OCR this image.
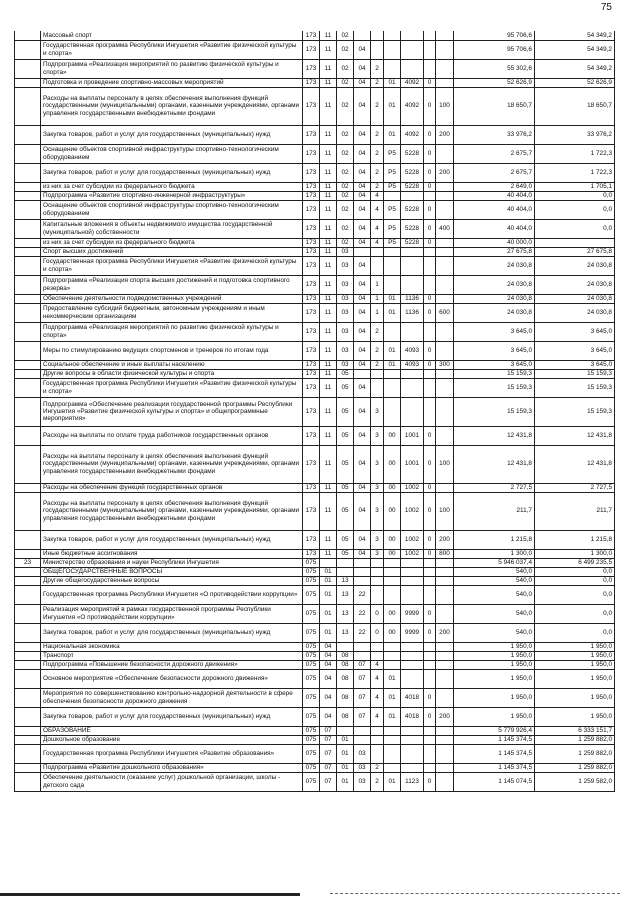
75
	Массовый спорт	173	11	02							95 706,6	54 349,2
	Государственная программа Республики Ингушетия «Развитие физической культуры и спорта»	173	11	02	04						95 706,6	54 349,2
	Подпрограмма «Реализация мероприятий по развитию физической культуры и спорта»	173	11	02	04	2					55 302,6	54 349,2
	Подготовка и проведение спортивно-массовых мероприятий	173	11	02	04	2	01	4092	0		52 626,9	52 626,9
	Расходы на выплаты персоналу в целях обеспечения выполнения функций государственными (муниципальными) органами, казенными учреждениями, органами управления государственными внебюджетными фондами	173	11	02	04	2	01	4092	0	100	18 650,7	18 650,7
	Закупка товаров, работ и услуг для государственных (муниципальных) нужд	173	11	02	04	2	01	4092	0	200	33 976,2	33 976,2
	Оснащение объектов спортивной инфраструктуры спортивно-технологическим оборудованием	173	11	02	04	2	Р5	5228	0		2 675,7	1 722,3
	Закупка товаров, работ и услуг для государственных (муниципальных) нужд	173	11	02	04	2	Р5	5228	0	200	2 675,7	1 722,3
	из них за счет субсидии из федерального бюджета	173	11	02	04	2	Р5	5228	0		2 649,0	1 705,1
	Подпрограмма «Развитие спортивно-инженерной инфраструктуры»	173	11	02	04	4					40 404,0	0,0
	Оснащение объектов спортивной инфраструктуры спортивно-технологическим оборудованием	173	11	02	04	4	Р5	5228	0		40 404,0	0,0
	Капитальные вложения в объекты недвижимого имущества государственной (муниципальной) собственности	173	11	02	04	4	Р5	5228	0	400	40 404,0	0,0
	из них за счет субсидии из федерального бюджета	173	11	02	04	4	Р5	5228	0		40 000,0	
	Спорт высших достижений	173	11	03							27 675,8	27 675,8
	Государственная программа Республики Ингушетия «Развитие физической культуры и спорта»	173	11	03	04						24 030,8	24 030,8
	Подпрограмма «Реализация спорта высших достижений и подготовка спортивного резерва»	173	11	03	04	1					24 030,8	24 030,8
	Обеспечение деятельности подведомственных учреждений	173	11	03	04	1	01	1136	0		24 030,8	24 030,8
	Предоставление субсидий бюджетным, автономным учреждениям и иным некоммерческим организациям	173	11	03	04	1	01	1136	0	600	24 030,8	24 030,8
	Подпрограмма «Реализация мероприятий по развитию физической культуры и спорта»	173	11	03	04	2					3 645,0	3 645,0
	Меры по стимулированию ведущих спортсменов и тренеров по итогам года	173	11	03	04	2	01	4093	0		3 645,0	3 645,0
	Социальное обеспечение и иные выплаты населению	173	11	03	04	2	01	4093	0	300	3 645,0	3 645,0
	Другие вопросы в области физической культуры и спорта	173	11	05							15 159,3	15 159,3
	Государственная программа Республики Ингушетия «Развитие физической культуры и спорта»	173	11	05	04						15 159,3	15 159,3
	Подпрограмма «Обеспечение реализации государственной программы Республики Ингушетия «Развитие физической культуры и спорта» и общепрограммные мероприятия»	173	11	05	04	3					15 159,3	15 159,3
	Расходы на выплаты по оплате труда работников государственных органов	173	11	05	04	3	00	1001	0		12 431,8	12 431,8
	Расходы на выплаты персоналу в целях обеспечения выполнения функций государственными (муниципальными) органами, казенными учреждениями, органами управления государственными внебюджетными фондами	173	11	05	04	3	00	1001	0	100	12 431,8	12 431,8
	Расходы на обеспечение функций государственных органов	173	11	05	04	3	00	1002	0		2 727,5	2 727,5
	Расходы на выплаты персоналу в целях обеспечения выполнения функций государственными (муниципальными) органами, казенными учреждениями, органами управления государственными внебюджетными фондами	173	11	05	04	3	00	1002	0	100	211,7	211,7
	Закупка товаров, работ и услуг для государственных (муниципальных) нужд	173	11	05	04	3	00	1002	0	200	1 215,8	1 215,8
	Иные бюджетные ассигнования	173	11	05	04	3	00	1002	0	800	1 300,0	1 300,0
23	Министерство образования и науки Республики Ингушетия	075									5 946 037,4	6 499 235,5
	ОБЩЕГОСУДАРСТВЕННЫЕ ВОПРОСЫ	075	01								540,0	0,0
	Другие общегосударственные вопросы	075	01	13							540,0	0,0
	Государственная программа Республики Ингушетия «О противодействии коррупции»	075	01	13	22						540,0	0,0
	Реализация мероприятий в рамках государственной программы Республики Ингушетия «О противодействии коррупции»	075	01	13	22	0	00	9999	0		540,0	0,0
	Закупка товаров, работ и услуг для государственных (муниципальных) нужд	075	01	13	22	0	00	9999	0	200	540,0	0,0
	Национальная экономика	075	04								1 950,0	1 950,0
	Транспорт	075	04	08							1 950,0	1 950,0
	Подпрограмма «Повышение безопасности дорожного движения»	075	04	08	07	4					1 950,0	1 950,0
	Основное мероприятие «Обеспечение безопасности дорожного движения»	075	04	08	07	4	01				1 950,0	1 950,0
	Мероприятия по совершенствованию контрольно-надзорной деятельности в сфере обеспечения безопасности дорожного движения	075	04	08	07	4	01	4018	0		1 950,0	1 950,0
	Закупка товаров, работ и услуг для государственных (муниципальных) нужд	075	04	08	07	4	01	4018	0	200	1 950,0	1 950,0
	ОБРАЗОВАНИЕ	075	07								5 779 926,4	6 333 151,7
	Дошкольное образование	075	07	01							1 145 374,5	1 259 882,0
	Государственная программа Республики Ингушетия «Развитие образования»	075	07	01	03						1 145 374,5	1 259 882,0
	Подпрограмма «Развитие дошкольного образования»	075	07	01	03	2					1 145 374,5	1 259 882,0
	Обеспечение деятельности (оказание услуг) дошкольной организации, школы - детского сада	075	07	01	03	2	01	1123	0		1 145 074,5	1 259 582,0
